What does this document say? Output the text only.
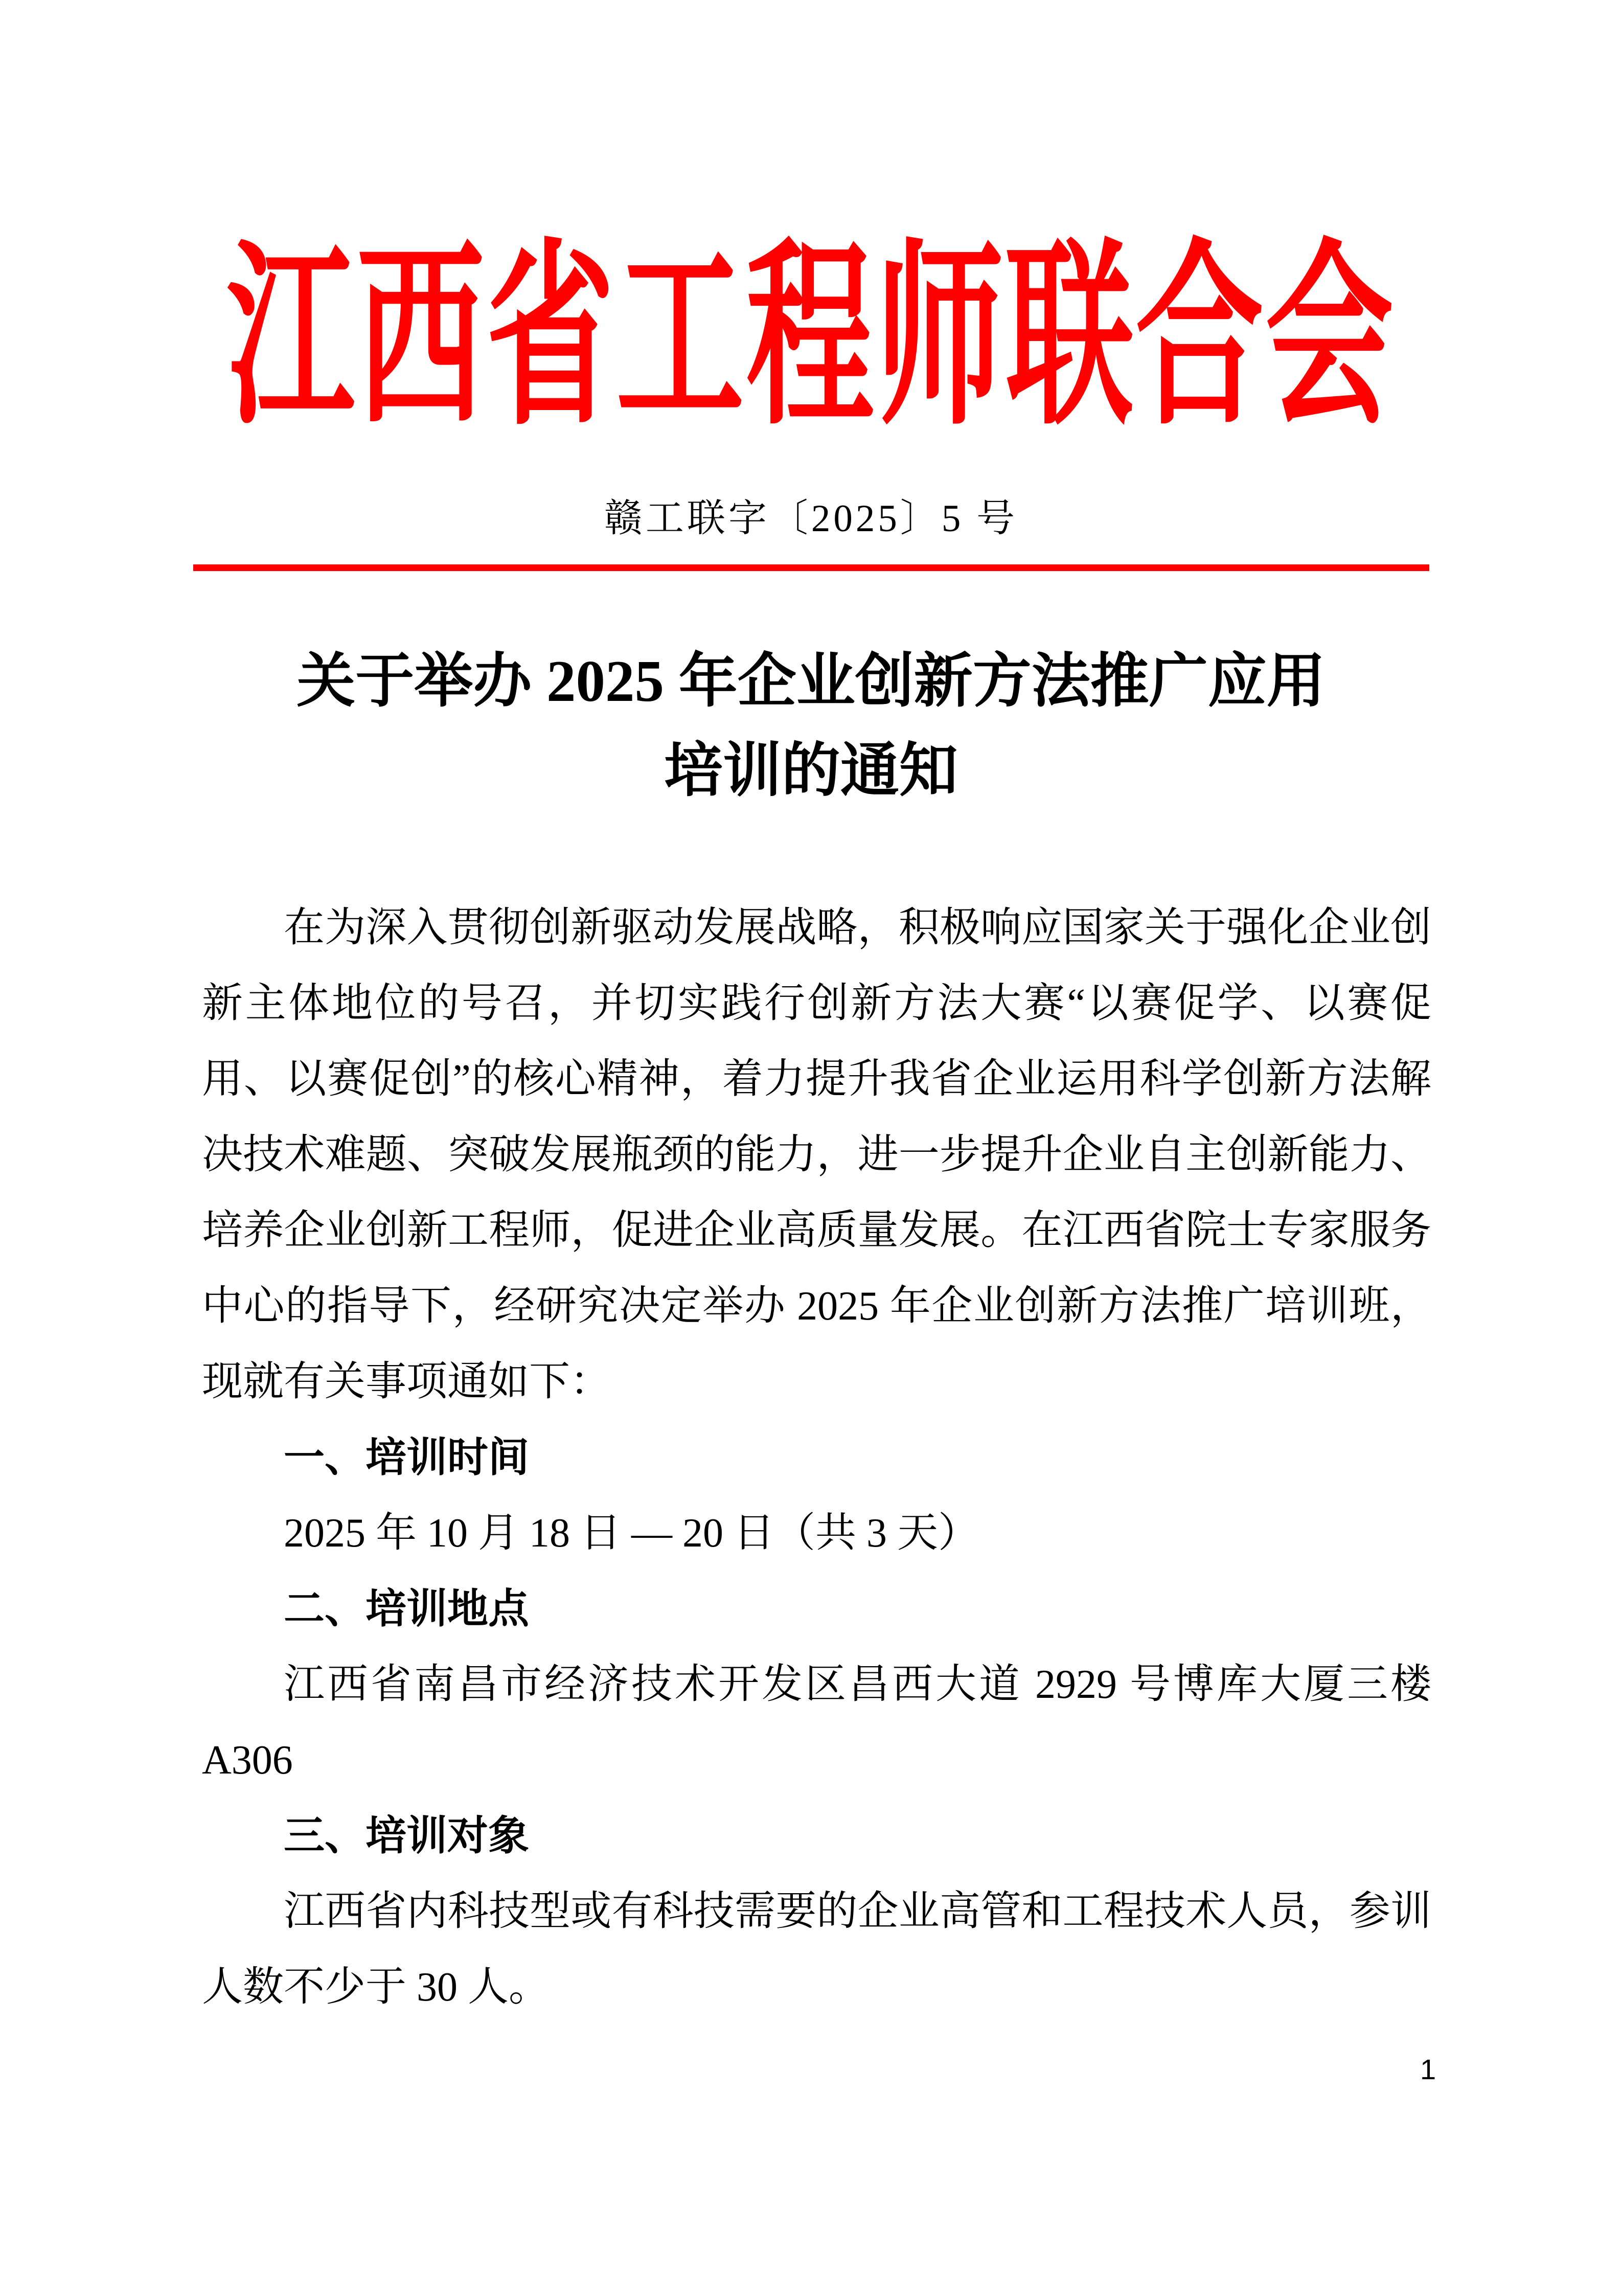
江西省工程师联合会
赣工联字〔2025〕5 号
关于举办 2025 年企业创新方法推广应用
培训的通知

在为深入贯彻创新驱动发展战略，积极响应国家关于强化企业创新主体地位的号召，并切实践行创新方法大赛“以赛促学、以赛促用、以赛促创”的核心精神，着力提升我省企业运用科学创新方法解决技术难题、突破发展瓶颈的能力，进一步提升企业自主创新能力、培养企业创新工程师，促进企业高质量发展。在江西省院士专家服务中心的指导下，经研究决定举办 2025 年企业创新方法推广培训班，现就有关事项通如下：

一、培训时间

2025 年 10 月 18 日 — 20 日（共 3 天）

二、培训地点

江西省南昌市经济技术开发区昌西大道 2929 号博库大厦三楼 A306

三、培训对象

江西省内科技型或有科技需要的企业高管和工程技术人员，参训人数不少于 30 人。

1
